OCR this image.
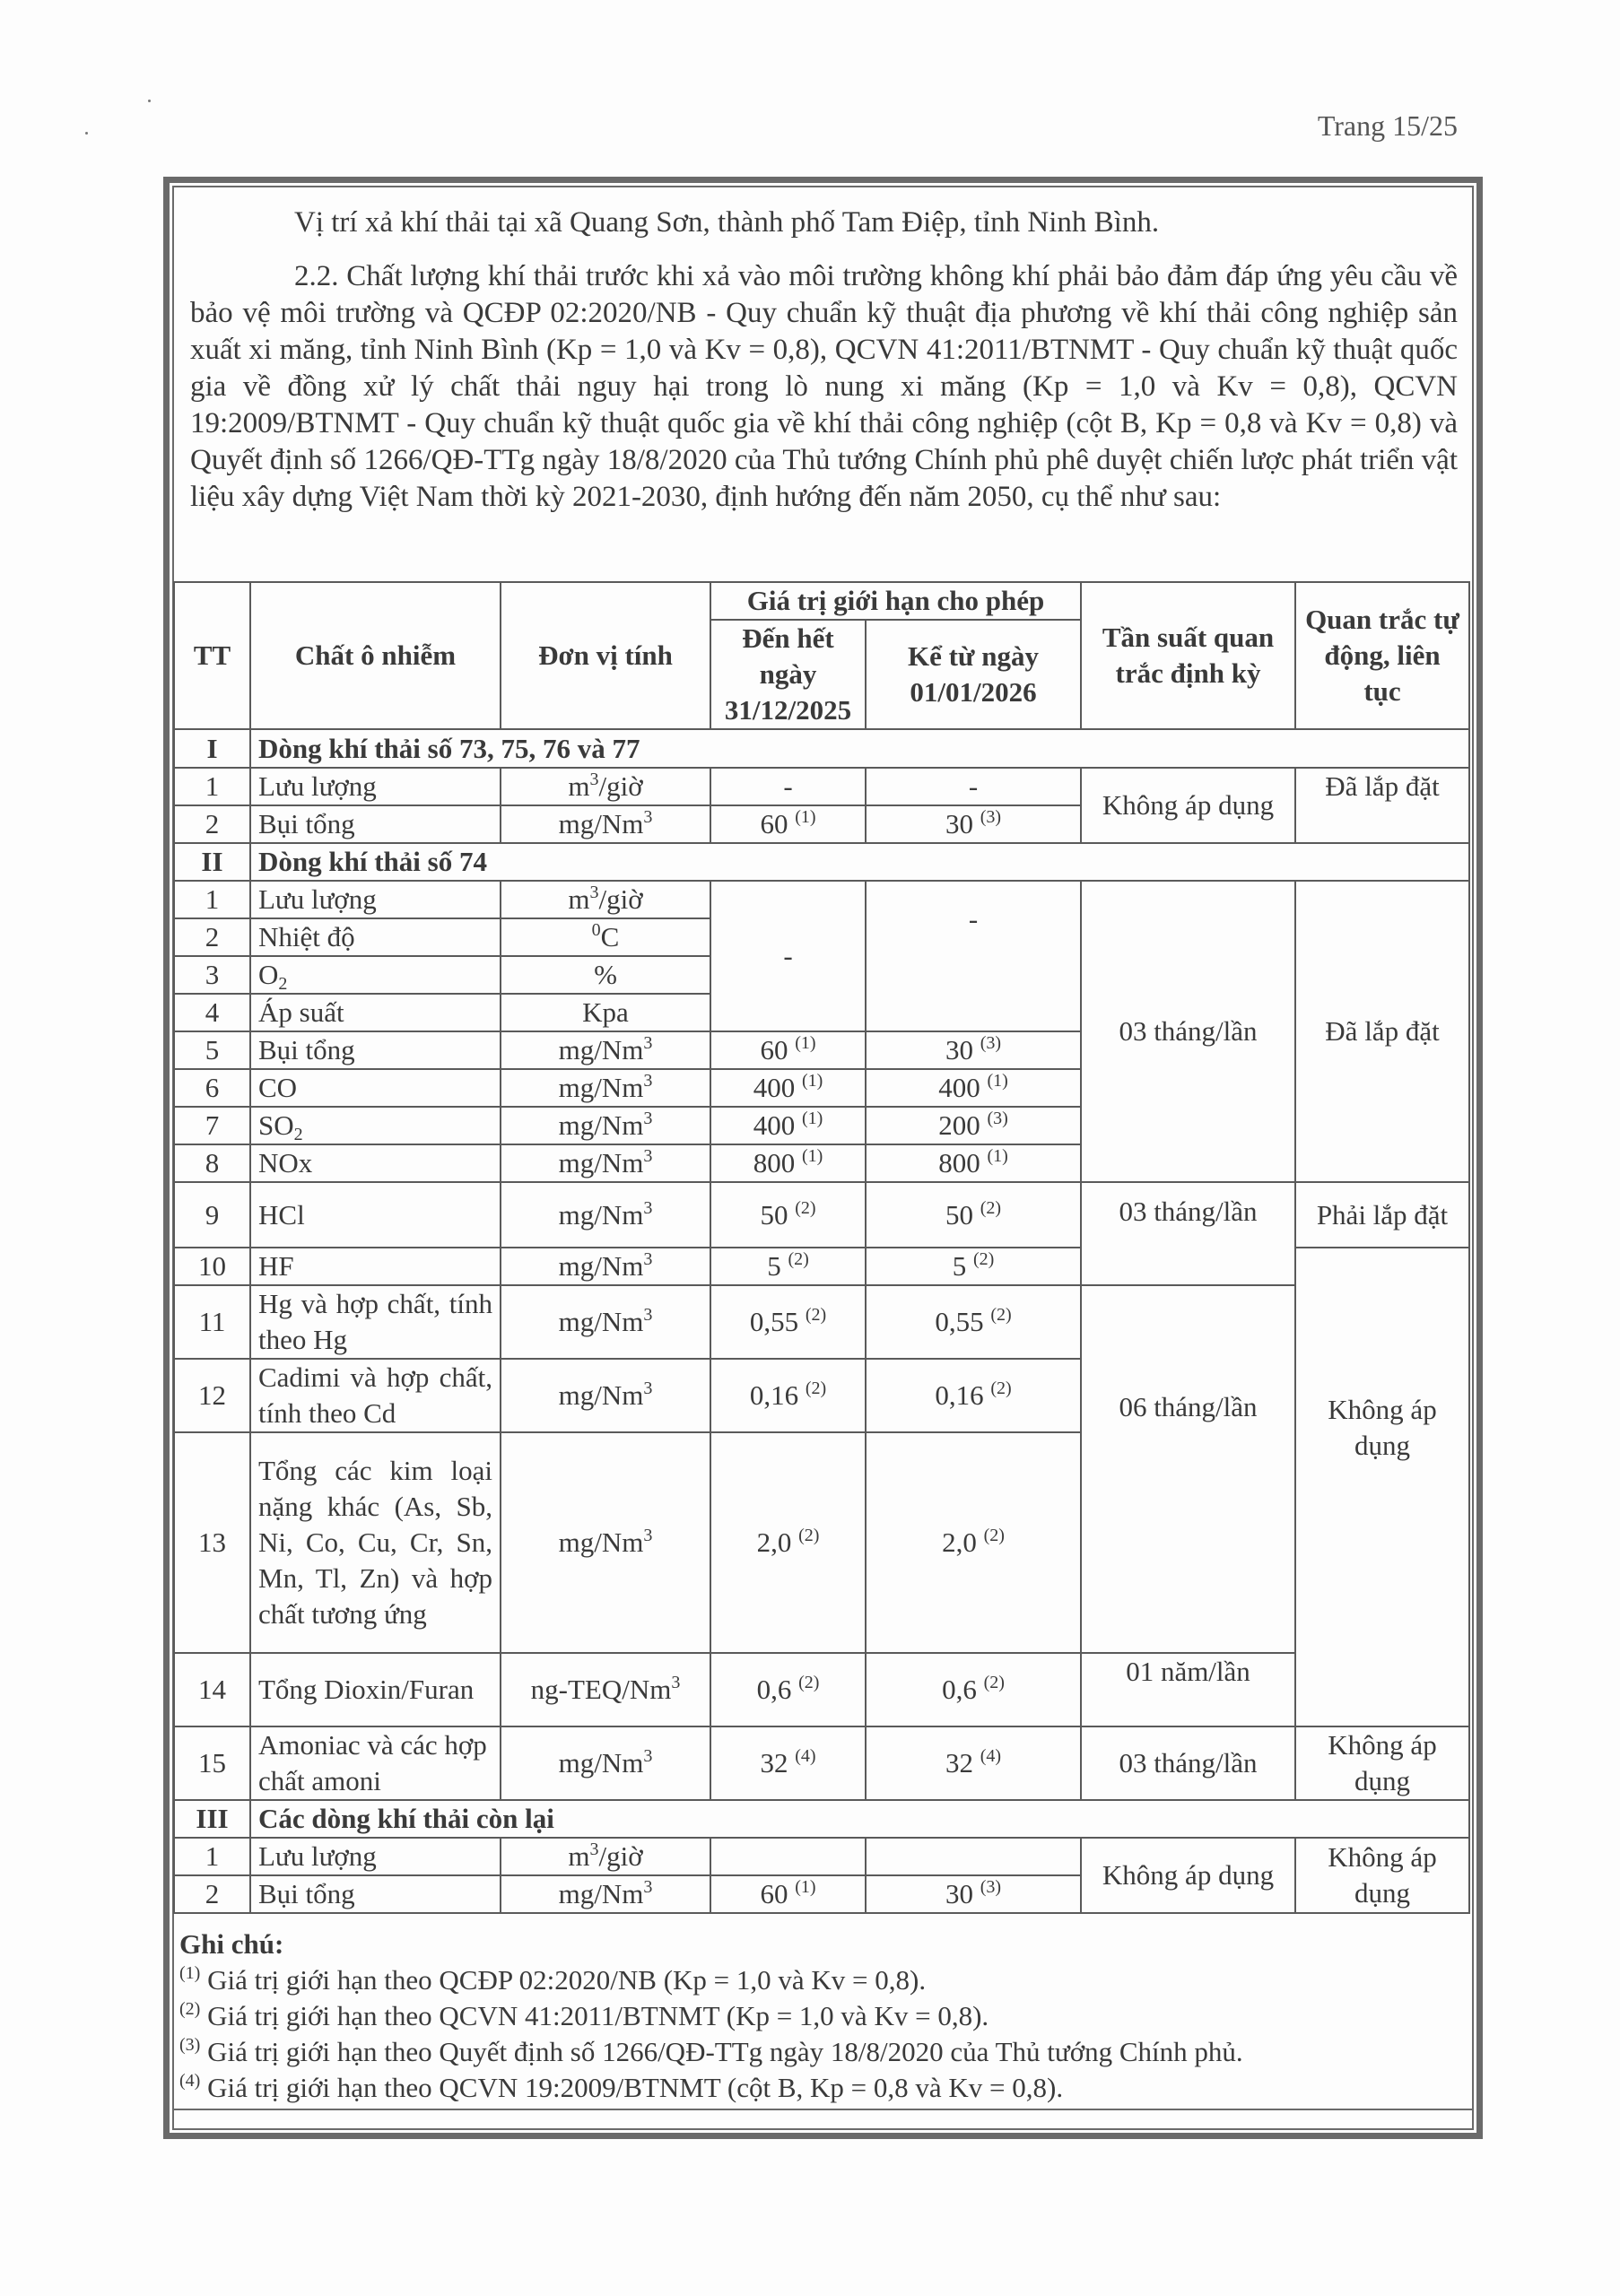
Trang 15/25
Vị trí xả khí thải tại xã Quang Sơn, thành phố Tam Điệp, tỉnh Ninh Bình.
2.2. Chất lượng khí thải trước khi xả vào môi trường không khí phải bảo đảm đáp ứng yêu cầu về bảo vệ môi trường và QCĐP 02:2020/NB - Quy chuẩn kỹ thuật địa phương về khí thải công nghiệp sản xuất xi măng, tỉnh Ninh Bình (Kp = 1,0 và Kv = 0,8), QCVN 41:2011/BTNMT - Quy chuẩn kỹ thuật quốc gia về đồng xử lý chất thải nguy hại trong lò nung xi măng (Kp = 1,0 và Kv = 0,8), QCVN 19:2009/BTNMT - Quy chuẩn kỹ thuật quốc gia về khí thải công nghiệp (cột B, Kp = 0,8 và Kv = 0,8) và Quyết định số 1266/QĐ-TTg ngày 18/8/2020 của Thủ tướng Chính phủ phê duyệt chiến lược phát triển vật liệu xây dựng Việt Nam thời kỳ 2021-2030, định hướng đến năm 2050, cụ thể như sau:
TT	Chất ô nhiễm	Đơn vị tính	Giá trị giới hạn cho phép		Tần suất quan trắc định kỳ	Quan trắc tự động, liên tục
			Đến hết ngày 31/12/2025	Kể từ ngày 01/01/2026		
I	Dòng khí thải số 73, 75, 76 và 77					
1	Lưu lượng	$m^3$/giờ	-	-	Không áp dụng	Đã lắp đặt
2	Bụi tổng	mg/Nm$^3$	60 $^{(1)}$	30 $^{(3)}$
II	Dòng khí thải số 74					
1	Lưu lượng	$m^3$/giờ	-	-	03 tháng/lần	Đã lắp đặt
2	Nhiệt độ	$^0$C				
3	$O_2$	%				
4	Áp suất	Kpa				
5	Bụi tổng	mg/Nm$^3$	60 $^{(1)}$	30 $^{(3)}$
6	CO	mg/Nm$^3$	400 $^{(1)}$	400 $^{(1)}$
7	$SO_2$	mg/Nm$^3$	400 $^{(1)}$	200 $^{(3)}$
8	NOx	mg/Nm$^3$	800 $^{(1)}$	800 $^{(1)}$
9	HCl	mg/Nm$^3$	50 $^{(2)}$	50 $^{(2)}$	03 tháng/lần	Phải lắp đặt
10	HF	mg/Nm$^3$	5 $^{(2)}$	5 $^{(2)}$		Không áp dụng
11	Hg và hợp chất, tính theo Hg	mg/Nm$^3$	0,55 $^{(2)}$	0,55 $^{(2)}$	06 tháng/lần	
12	Cadimi và hợp chất, tính theo Cd	mg/Nm$^3$	0,16 $^{(2)}$	0,16 $^{(2)}$
13	Tổng các kim loại nặng khác (As, Sb, Ni, Co, Cu, Cr, Sn, Mn, Tl, Zn) và hợp chất tương ứng	mg/Nm$^3$	2,0 $^{(2)}$	2,0 $^{(2)}$
14	Tổng Dioxin/Furan	ng-TEQ/Nm$^3$	0,6 $^{(2)}$	0,6 $^{(2)}$	01 năm/lần	
15	Amoniac và các hợp chất amoni	mg/Nm$^3$	32 $^{(4)}$	32 $^{(4)}$	03 tháng/lần	Không áp dụng
III	Các dòng khí thải còn lại					
1	Lưu lượng	$m^3$/giờ			Không áp dụng	Không áp dụng
2	Bụi tổng	mg/Nm$^3$	60 $^{(1)}$	30 $^{(3)}$
Ghi chú:
$^{(1)}$ Giá trị giới hạn theo QCĐP 02:2020/NB (Kp = 1,0 và Kv = 0,8).
$^{(2)}$ Giá trị giới hạn theo QCVN 41:2011/BTNMT (Kp = 1,0 và Kv = 0,8).
$^{(3)}$ Giá trị giới hạn theo Quyết định số 1266/QĐ-TTg ngày 18/8/2020 của Thủ tướng Chính phủ.
$^{(4)}$ Giá trị giới hạn theo QCVN 19:2009/BTNMT (cột B, Kp = 0,8 và Kv = 0,8).
